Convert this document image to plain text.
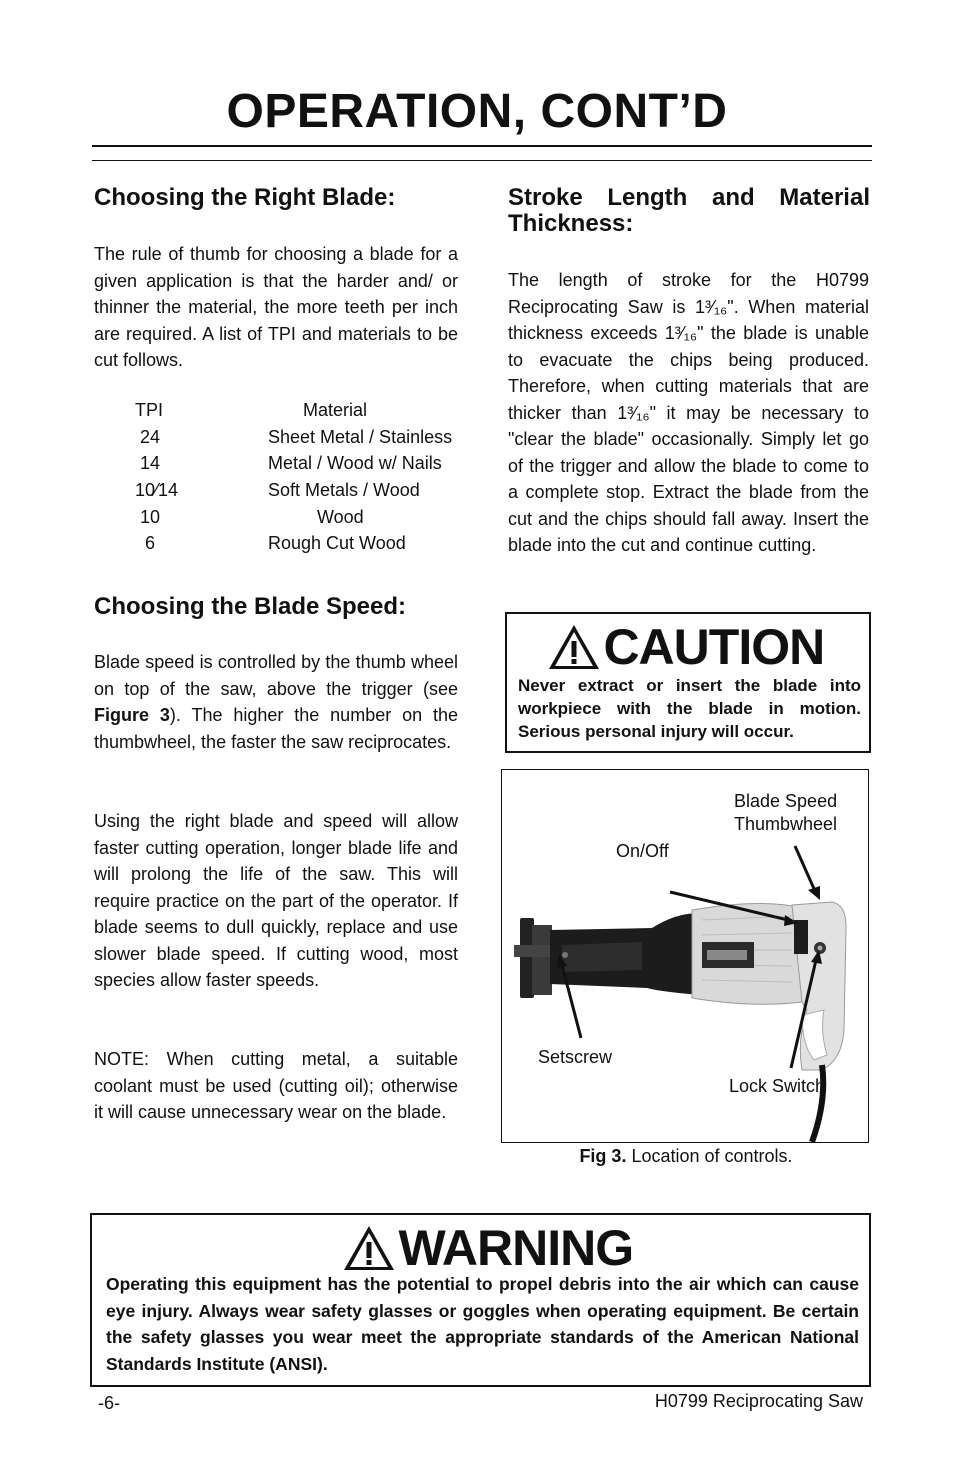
OPERATION, CONT’D
Choosing the Right Blade:
The rule of thumb for choosing a blade for a given application is that the harder and/ or thinner the material, the more teeth per inch are required. A list of TPI and materials to be cut follows.
TPI	Material
24	Sheet Metal / Stainless
14	Metal / Wood w/ Nails
10⁄14	Soft Metals / Wood
10	Wood
6	Rough Cut Wood
Choosing the Blade Speed:
Blade speed is controlled by the thumb wheel on top of the saw, above the trigger (see Figure 3). The higher the number on the thumbwheel, the faster the saw reciprocates.
Using the right blade and speed will allow faster cutting operation, longer blade life and will prolong the life of the saw. This will require practice on the part of the operator. If blade seems to dull quickly, replace and use slower blade speed. If cutting wood, most species allow faster speeds.
NOTE: When cutting metal, a suitable coolant must be used (cutting oil); otherwise it will cause unnecessary wear on the blade.
Stroke Length and Material Thickness:
The length of stroke for the H0799 Reciprocating Saw is 1³⁄₁₆". When material thickness exceeds 1³⁄₁₆" the blade is unable to evacuate the chips being produced. Therefore, when cutting materials that are thicker than 1³⁄₁₆" it may be necessary to "clear the blade" occasionally. Simply let go of the trigger and allow the blade to come to a complete stop. Extract the blade from the cut and the chips should fall away. Insert the blade into the cut and continue cutting.
CAUTION
Never extract or insert the blade into workpiece with the blade in motion. Serious personal injury will occur.
Blade Speed
Thumbwheel
On/Off
Setscrew
Lock Switch
Fig 3. Location of controls.
WARNING
Operating this equipment has the potential to propel debris into the air which can cause eye injury. Always wear safety glasses or goggles when operating equipment. Be certain the safety glasses you wear meet the appropriate standards of the American National Standards Institute (ANSI).
-6-	H0799 Reciprocating Saw
